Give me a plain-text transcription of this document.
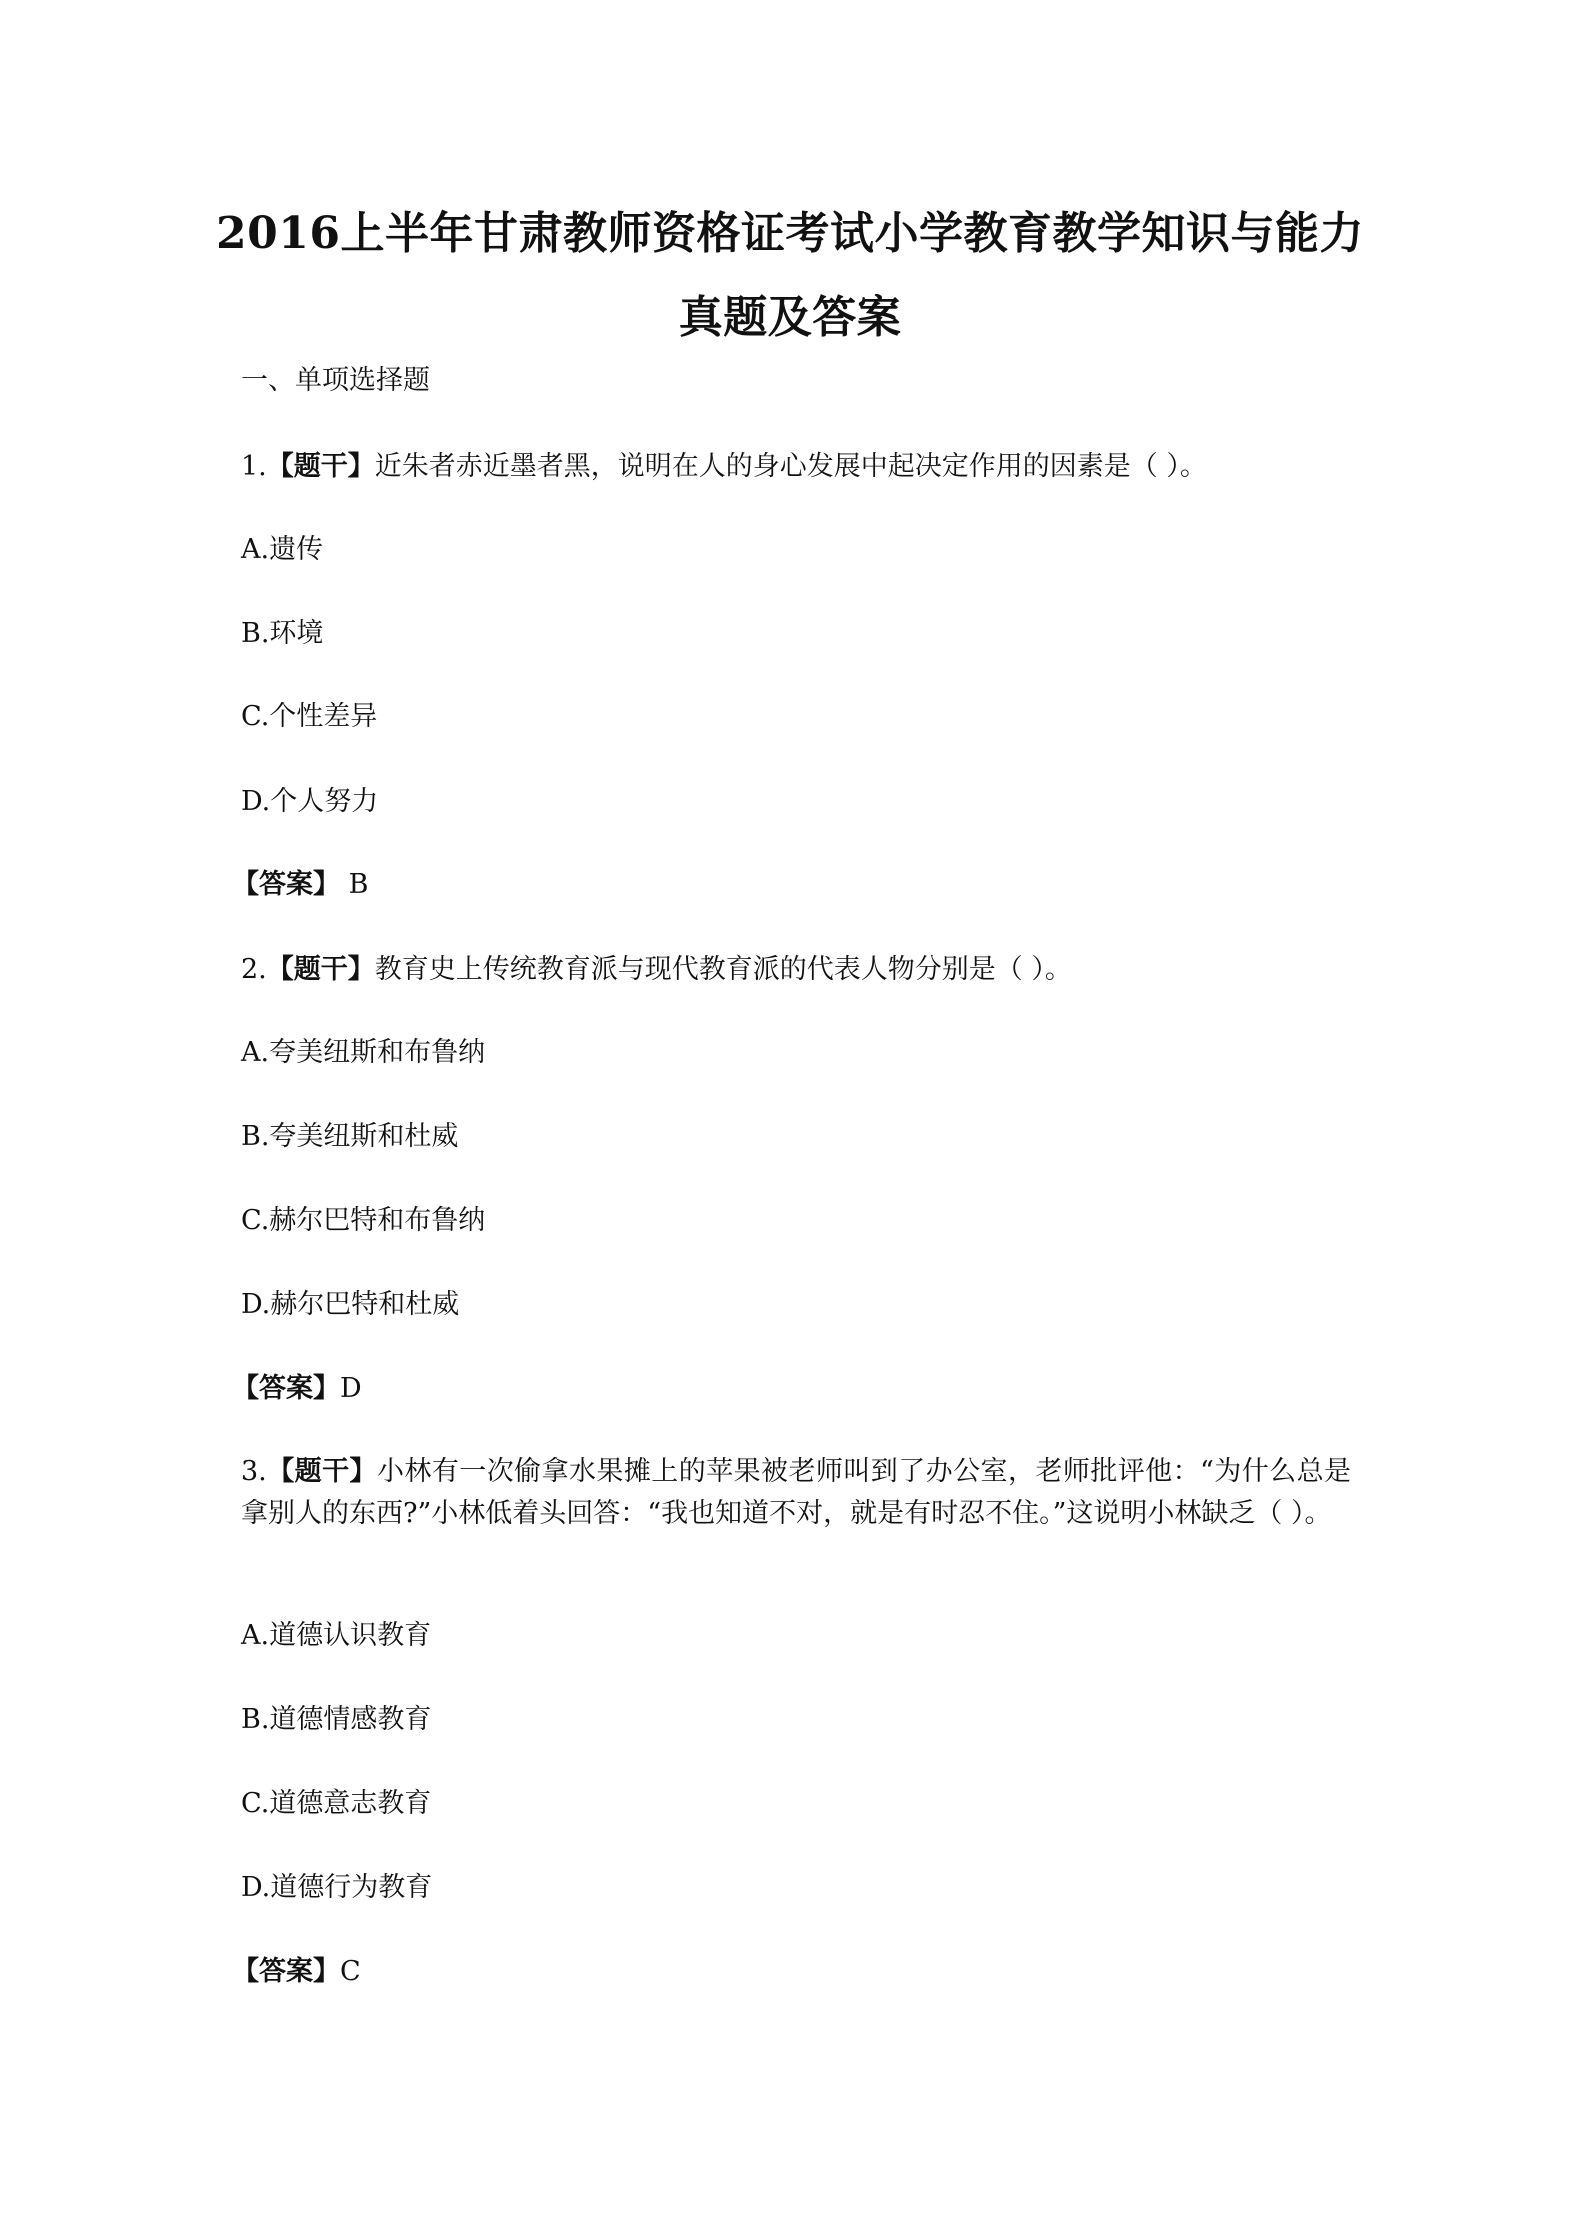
2016上半年甘肃教师资格证考试小学教育教学知识与能力
真题及答案
一、单项选择题
1.【题干】近朱者赤近墨者黑，说明在人的身心发展中起决定作用的因素是（ ）。
A.遗传
B.环境
C.个性差异
D.个人努力
【答案】 B
2.【题干】教育史上传统教育派与现代教育派的代表人物分别是（ ）。
A.夸美纽斯和布鲁纳
B.夸美纽斯和杜威
C.赫尔巴特和布鲁纳
D.赫尔巴特和杜威
【答案】D
3.【题干】小林有一次偷拿水果摊上的苹果被老师叫到了办公室，老师批评他：“为什么总是拿别人的东西?”小林低着头回答：“我也知道不对，就是有时忍不住。”这说明小林缺乏（ ）。
A.道德认识教育
B.道德情感教育
C.道德意志教育
D.道德行为教育
【答案】C
